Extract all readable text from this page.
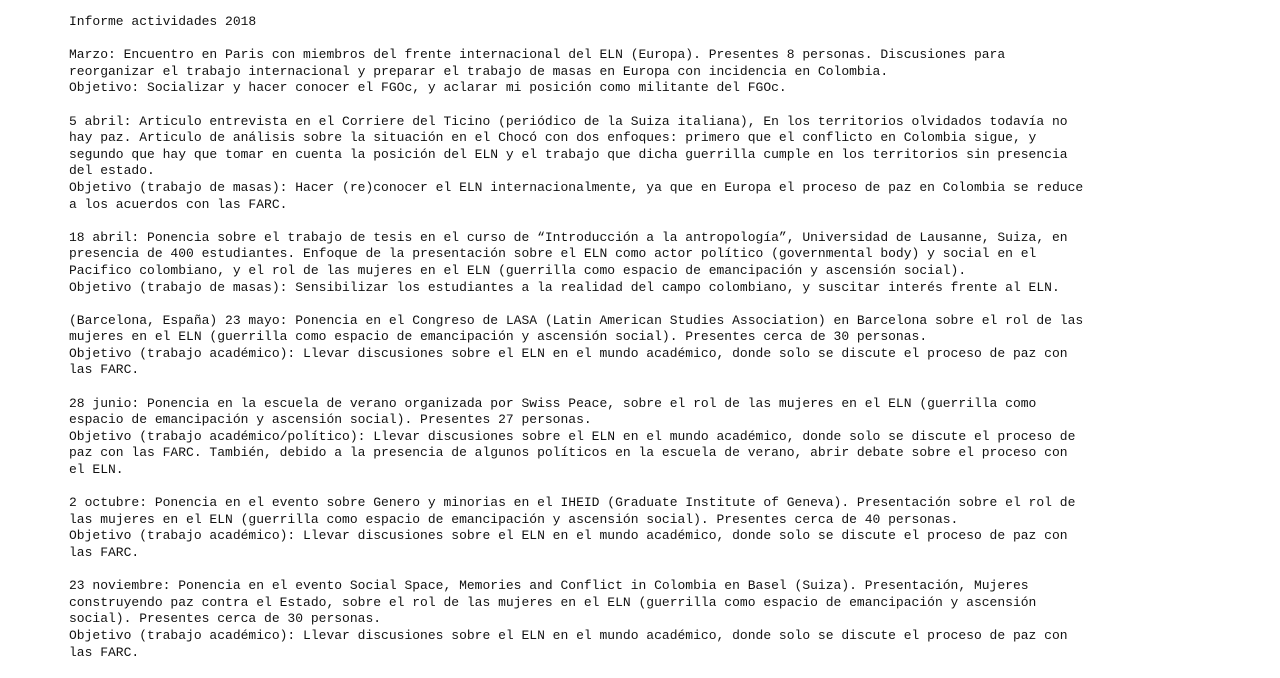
Informe actividades 2018
Marzo: Encuentro en Paris con miembros del frente internacional del ELN (Europa). Presentes 8 personas. Discusiones para
reorganizar el trabajo internacional y preparar el trabajo de masas en Europa con incidencia en Colombia.
Objetivo: Socializar y hacer conocer el FGOc, y aclarar mi posición como militante del FGOc.
5 abril: Articulo entrevista en el Corriere del Ticino (periódico de la Suiza italiana), En los territorios olvidados todavía no
hay paz. Articulo de análisis sobre la situación en el Chocó con dos enfoques: primero que el conflicto en Colombia sigue, y
segundo que hay que tomar en cuenta la posición del ELN y el trabajo que dicha guerrilla cumple en los territorios sin presencia
del estado.
Objetivo (trabajo de masas): Hacer (re)conocer el ELN internacionalmente, ya que en Europa el proceso de paz en Colombia se reduce
a los acuerdos con las FARC.
18 abril: Ponencia sobre el trabajo de tesis en el curso de “Introducción a la antropología”, Universidad de Lausanne, Suiza, en
presencia de 400 estudiantes. Enfoque de la presentación sobre el ELN como actor político (governmental body) y social en el
Pacifico colombiano, y el rol de las mujeres en el ELN (guerrilla como espacio de emancipación y ascensión social).
Objetivo (trabajo de masas): Sensibilizar los estudiantes a la realidad del campo colombiano, y suscitar interés frente al ELN.
(Barcelona, España) 23 mayo: Ponencia en el Congreso de LASA (Latin American Studies Association) en Barcelona sobre el rol de las
mujeres en el ELN (guerrilla como espacio de emancipación y ascensión social). Presentes cerca de 30 personas.
Objetivo (trabajo académico): Llevar discusiones sobre el ELN en el mundo académico, donde solo se discute el proceso de paz con
las FARC.
28 junio: Ponencia en la escuela de verano organizada por Swiss Peace, sobre el rol de las mujeres en el ELN (guerrilla como
espacio de emancipación y ascensión social). Presentes 27 personas.
Objetivo (trabajo académico/político): Llevar discusiones sobre el ELN en el mundo académico, donde solo se discute el proceso de
paz con las FARC. También, debido a la presencia de algunos políticos en la escuela de verano, abrir debate sobre el proceso con
el ELN.
2 octubre: Ponencia en el evento sobre Genero y minorias en el IHEID (Graduate Institute of Geneva). Presentación sobre el rol de
las mujeres en el ELN (guerrilla como espacio de emancipación y ascensión social). Presentes cerca de 40 personas.
Objetivo (trabajo académico): Llevar discusiones sobre el ELN en el mundo académico, donde solo se discute el proceso de paz con
las FARC.
23 noviembre: Ponencia en el evento Social Space, Memories and Conflict in Colombia en Basel (Suiza). Presentación, Mujeres
construyendo paz contra el Estado, sobre el rol de las mujeres en el ELN (guerrilla como espacio de emancipación y ascensión
social). Presentes cerca de 30 personas.
Objetivo (trabajo académico): Llevar discusiones sobre el ELN en el mundo académico, donde solo se discute el proceso de paz con
las FARC.
